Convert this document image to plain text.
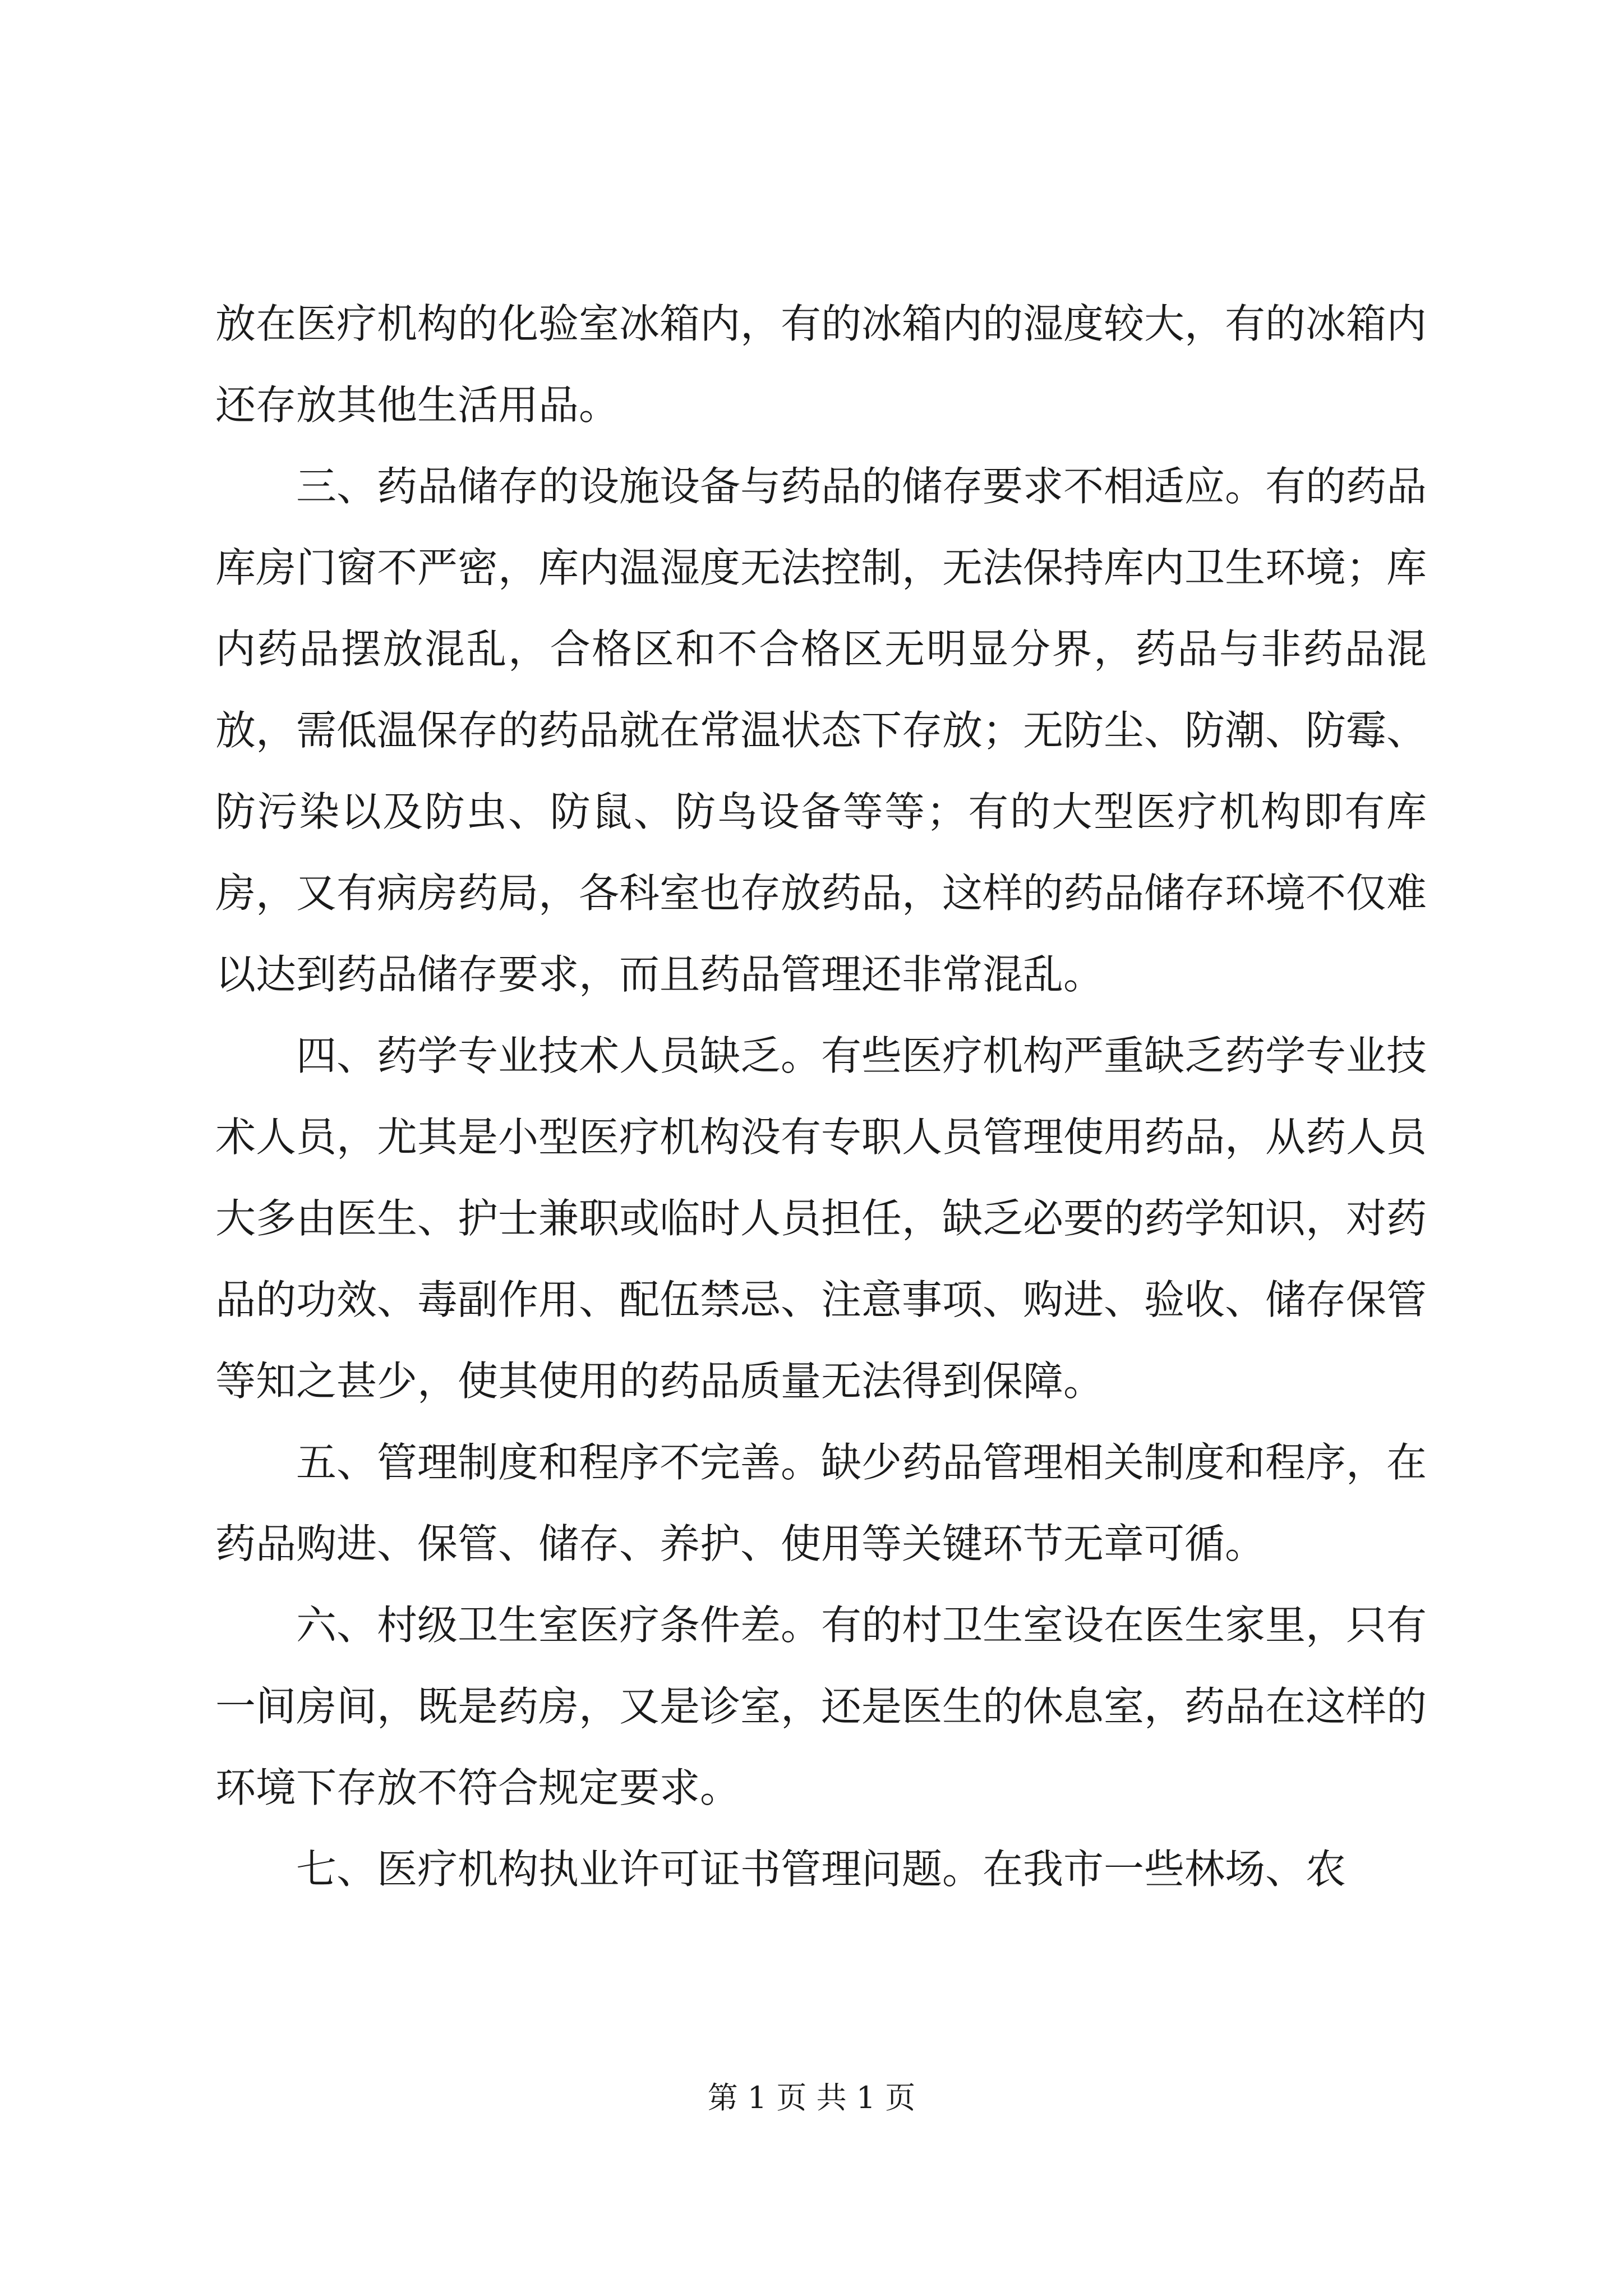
放在医疗机构的化验室冰箱内，有的冰箱内的湿度较大，有的冰箱内还存放其他生活用品。

三、药品储存的设施设备与药品的储存要求不相适应。有的药品库房门窗不严密，库内温湿度无法控制，无法保持库内卫生环境；库内药品摆放混乱，合格区和不合格区无明显分界，药品与非药品混放，需低温保存的药品就在常温状态下存放；无防尘、防潮、防霉、防污染以及防虫、防鼠、防鸟设备等等；有的大型医疗机构即有库房，又有病房药局，各科室也存放药品，这样的药品储存环境不仅难以达到药品储存要求，而且药品管理还非常混乱。

四、药学专业技术人员缺乏。有些医疗机构严重缺乏药学专业技术人员，尤其是小型医疗机构没有专职人员管理使用药品，从药人员大多由医生、护士兼职或临时人员担任，缺乏必要的药学知识，对药品的功效、毒副作用、配伍禁忌、注意事项、购进、验收、储存保管等知之甚少，使其使用的药品质量无法得到保障。

五、管理制度和程序不完善。缺少药品管理相关制度和程序，在药品购进、保管、储存、养护、使用等关键环节无章可循。

六、村级卫生室医疗条件差。有的村卫生室设在医生家里，只有一间房间，既是药房，又是诊室，还是医生的休息室，药品在这样的环境下存放不符合规定要求。

七、医疗机构执业许可证书管理问题。在我市一些林场、农

第 1 页 共 1 页
